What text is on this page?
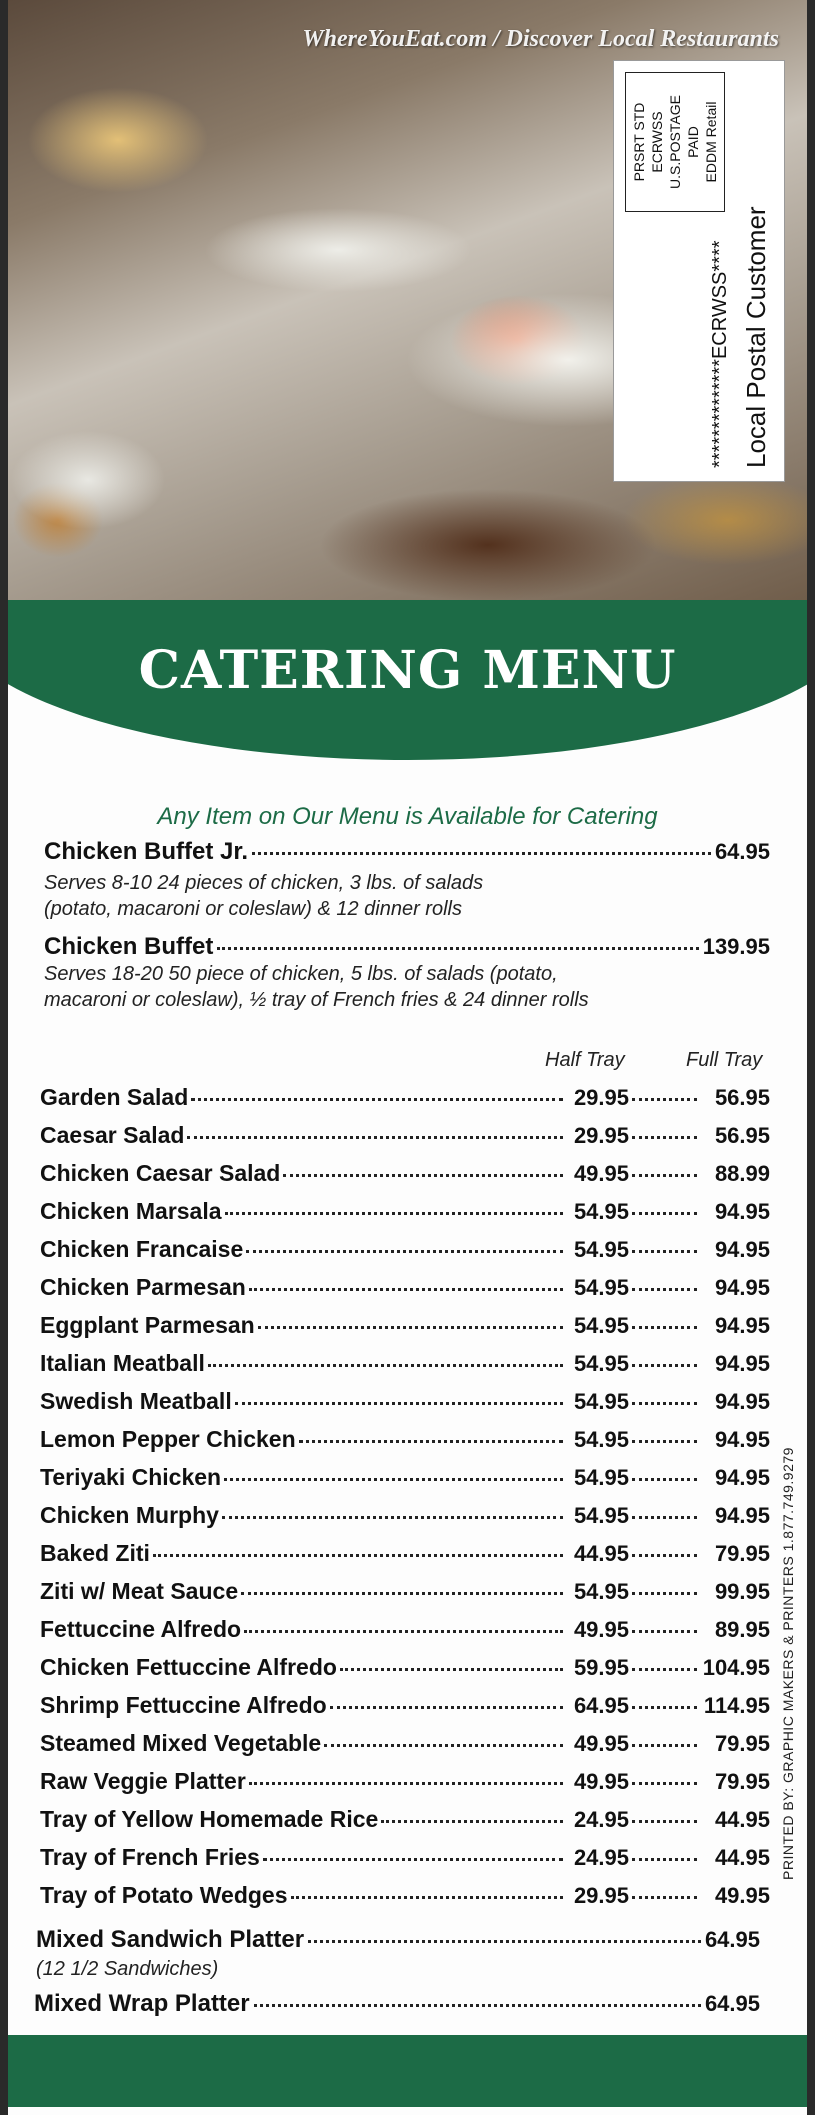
WhereYouEat.com / Discover Local Restaurants
PRSRT STD ECRWSS U.S.POSTAGE PAID EDDM Retail
**************ECRWSS**** Local Postal Customer
CATERING MENU
Any Item on Our Menu is Available for Catering
Chicken Buffet Jr.	64.95
Serves 8-10 24 pieces of chicken, 3 lbs. of salads
(potato, macaroni or coleslaw) & 12 dinner rolls
Chicken Buffet	139.95
Serves 18-20 50 piece of chicken, 5 lbs. of salads (potato,
macaroni or coleslaw), ½ tray of French fries & 24 dinner rolls
Half Tray	Full Tray
Garden Salad	29.95	56.95
Caesar Salad	29.95	56.95
Chicken Caesar Salad	49.95	88.99
Chicken Marsala	54.95	94.95
Chicken Francaise	54.95	94.95
Chicken Parmesan	54.95	94.95
Eggplant Parmesan	54.95	94.95
Italian Meatball	54.95	94.95
Swedish Meatball	54.95	94.95
Lemon Pepper Chicken	54.95	94.95
Teriyaki Chicken	54.95	94.95
Chicken Murphy	54.95	94.95
Baked Ziti	44.95	79.95
Ziti w/ Meat Sauce	54.95	99.95
Fettuccine Alfredo	49.95	89.95
Chicken Fettuccine Alfredo	59.95	104.95
Shrimp Fettuccine Alfredo	64.95	114.95
Steamed Mixed Vegetable	49.95	79.95
Raw Veggie Platter	49.95	79.95
Tray of Yellow Homemade Rice	24.95	44.95
Tray of French Fries	24.95	44.95
Tray of Potato Wedges	29.95	49.95
Mixed Sandwich Platter	64.95
(12 1/2 Sandwiches)
Mixed Wrap Platter	64.95
PRINTED BY: GRAPHIC MAKERS & PRINTERS 1.877.749.9279
